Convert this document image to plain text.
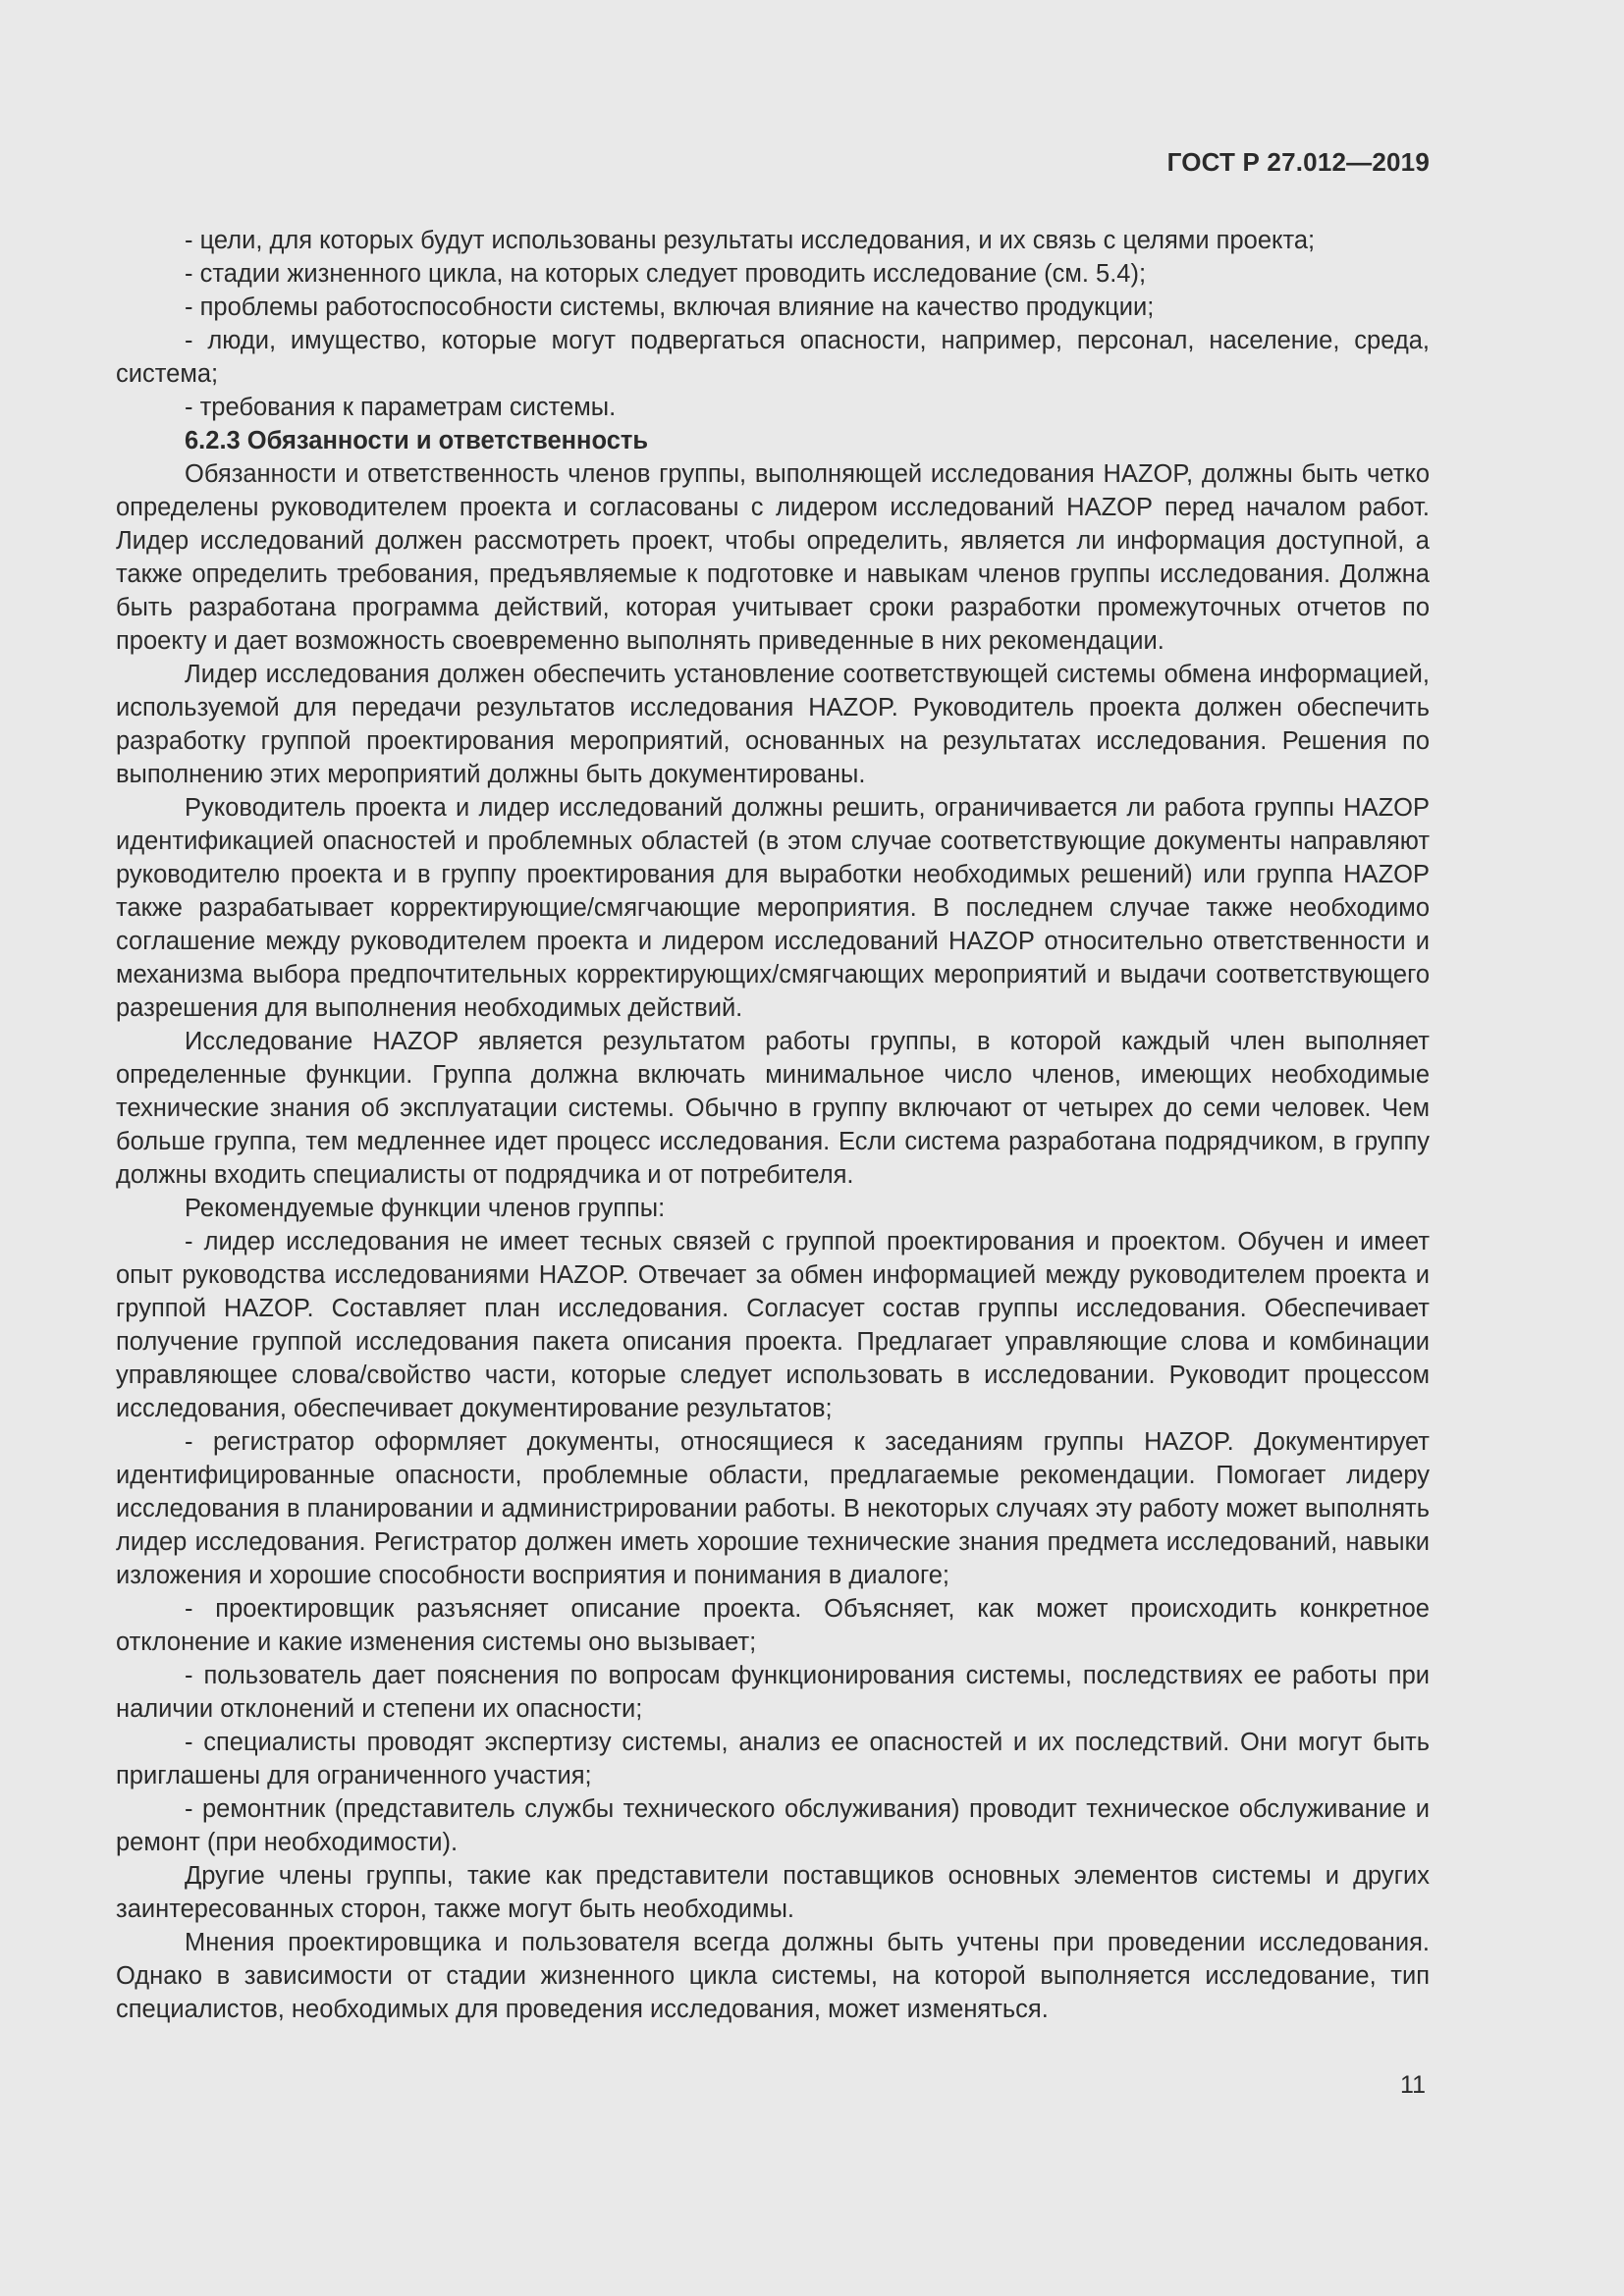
ГОСТ Р 27.012—2019

- цели, для которых будут использованы результаты исследования, и их связь с целями проекта;

- стадии жизненного цикла, на которых следует проводить исследование (см. 5.4);

- проблемы работоспособности системы, включая влияние на качество продукции;

- люди, имущество, которые могут подвергаться опасности, например, персонал, население, среда, система;

- требования к параметрам системы.

6.2.3 Обязанности и ответственность

Обязанности и ответственность членов группы, выполняющей исследования HAZOP, должны быть четко определены руководителем проекта и согласованы с лидером исследований HAZOP перед началом работ. Лидер исследований должен рассмотреть проект, чтобы определить, является ли информация доступной, а также определить требования, предъявляемые к подготовке и навыкам членов группы исследования. Должна быть разработана программа действий, которая учитывает сроки разработки промежуточных отчетов по проекту и дает возможность своевременно выполнять приведенные в них рекомендации.

Лидер исследования должен обеспечить установление соответствующей системы обмена информацией, используемой для передачи результатов исследования HAZOP. Руководитель проекта должен обеспечить разработку группой проектирования мероприятий, основанных на результатах исследования. Решения по выполнению этих мероприятий должны быть документированы.

Руководитель проекта и лидер исследований должны решить, ограничивается ли работа группы HAZOP идентификацией опасностей и проблемных областей (в этом случае соответствующие документы направляют руководителю проекта и в группу проектирования для выработки необходимых решений) или группа HAZOP также разрабатывает корректирующие/смягчающие мероприятия. В последнем случае также необходимо соглашение между руководителем проекта и лидером исследований HAZOP относительно ответственности и механизма выбора предпочтительных корректирующих/смягчающих мероприятий и выдачи соответствующего разрешения для выполнения необходимых действий.

Исследование HAZOP является результатом работы группы, в которой каждый член выполняет определенные функции. Группа должна включать минимальное число членов, имеющих необходимые технические знания об эксплуатации системы. Обычно в группу включают от четырех до семи человек. Чем больше группа, тем медленнее идет процесс исследования. Если система разработана подрядчиком, в группу должны входить специалисты от подрядчика и от потребителя.

Рекомендуемые функции членов группы:

- лидер исследования не имеет тесных связей с группой проектирования и проектом. Обучен и имеет опыт руководства исследованиями HAZOP. Отвечает за обмен информацией между руководителем проекта и группой HAZOP. Составляет план исследования. Согласует состав группы исследования. Обеспечивает получение группой исследования пакета описания проекта. Предлагает управляющие слова и комбинации управляющее слова/свойство части, которые следует использовать в исследовании. Руководит процессом исследования, обеспечивает документирование результатов;

- регистратор оформляет документы, относящиеся к заседаниям группы HAZOP. Документирует идентифицированные опасности, проблемные области, предлагаемые рекомендации. Помогает лидеру исследования в планировании и администрировании работы. В некоторых случаях эту работу может выполнять лидер исследования. Регистратор должен иметь хорошие технические знания предмета исследований, навыки изложения и хорошие способности восприятия и понимания в диалоге;

- проектировщик разъясняет описание проекта. Объясняет, как может происходить конкретное отклонение и какие изменения системы оно вызывает;

- пользователь дает пояснения по вопросам функционирования системы, последствиях ее работы при наличии отклонений и степени их опасности;

- специалисты проводят экспертизу системы, анализ ее опасностей и их последствий. Они могут быть приглашены для ограниченного участия;

- ремонтник (представитель службы технического обслуживания) проводит техническое обслуживание и ремонт (при необходимости).

Другие члены группы, такие как представители поставщиков основных элементов системы и других заинтересованных сторон, также могут быть необходимы.

Мнения проектировщика и пользователя всегда должны быть учтены при проведении исследования. Однако в зависимости от стадии жизненного цикла системы, на которой выполняется исследование, тип специалистов, необходимых для проведения исследования, может изменяться.

11
